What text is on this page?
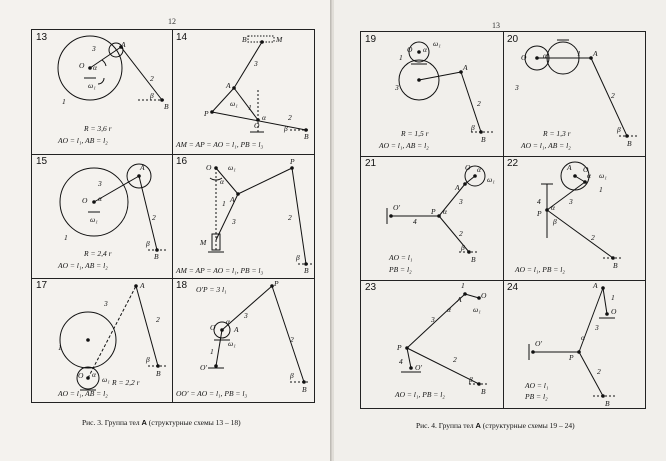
12
13
3	A
1
O α
ω₁
2
β
B
R = 3,6 r
AO = l₁, AB = l₂
14	B	M
3
A
P
ω₁ 1
O
α	2
β
B
AM = AP = AO = l₁, PB = l₃
15
A
3
O α
ω₁	2
1
β
B
R = 2,4 r
AO = l₁, AB = l₂
16	P
O
α
ω₁
1 A
3	2
M
β
B
AM = AP = AO = l₁, PB = l₃
17	A
3
2
1
O α
ω₁
β
B
R = 2,2 r
AO = l₁, AB = l₂
18 O′P = 3 l₁
P
O
α
A
ω₁
1
3
O′
2
β
B
OO′ = AO = l₁, PB = l₃
Рис. 3. Группа тел A (структурные схемы 13 – 18)
13
19
O α
ω₁
1
A
3
2
β
B
R = 1,5 r
AO = l₁, AB = l₂
20
O α	1 A
3
2
β
B
R = 1,3 r
AO = l₁, AB = l₂
21	O α
ω₁
A
O′
4
P α
3
2
β
B
AO = l₁
PB = l₂
22
O
A
α ω₁
1
4
P
α
β
3
2
B
AO = l₁, PB = l₂
23	1
A	O
ω₁
α
3
P
4
O′
2
β
B
AO = l₁, PB = l₂
24	A
1
O
α
O′
P
3
2
B
AO = l₁
PB = l₂
Рис. 4. Группа тел A (структурные схемы 19 – 24)
